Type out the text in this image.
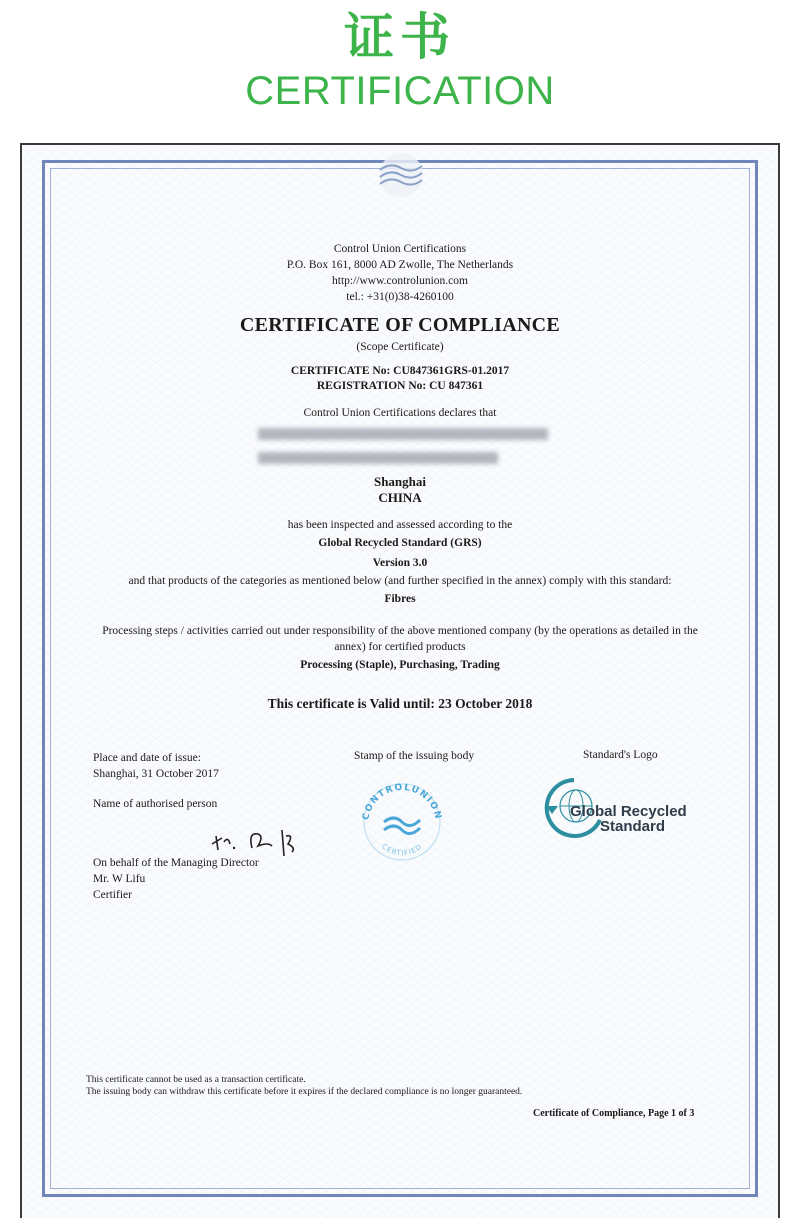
证书
CERTIFICATION
Control Union Certifications
P.O. Box 161, 8000 AD Zwolle, The Netherlands
http://www.controlunion.com
tel.: +31(0)38-4260100
CERTIFICATE OF COMPLIANCE
(Scope Certificate)
CERTIFICATE No: CU847361GRS-01.2017
REGISTRATION No: CU 847361
Control Union Certifications declares that
Shanghai
CHINA
has been inspected and assessed according to the
Global Recycled Standard (GRS)
Version 3.0
and that products of the categories as mentioned below (and further specified in the annex) comply with this standard:
Fibres
Processing steps / activities carried out under responsibility of the above mentioned company (by the operations as detailed in the
annex) for certified products
Processing (Staple), Purchasing, Trading
This certificate is Valid until: 23 October 2018
Place and date of issue:
Shanghai, 31 October 2017
Stamp of the issuing body	Standard's Logo
Name of authorised person
On behalf of the Managing Director
Mr. W Lifu
Certifier
CONTROLUNION
CERTIFIED
Global Recycled
Standard
This certificate cannot be used as a transaction certificate.
The issuing body can withdraw this certificate before it expires if the declared compliance is no longer guaranteed.
Certificate of Compliance, Page 1 of 3
